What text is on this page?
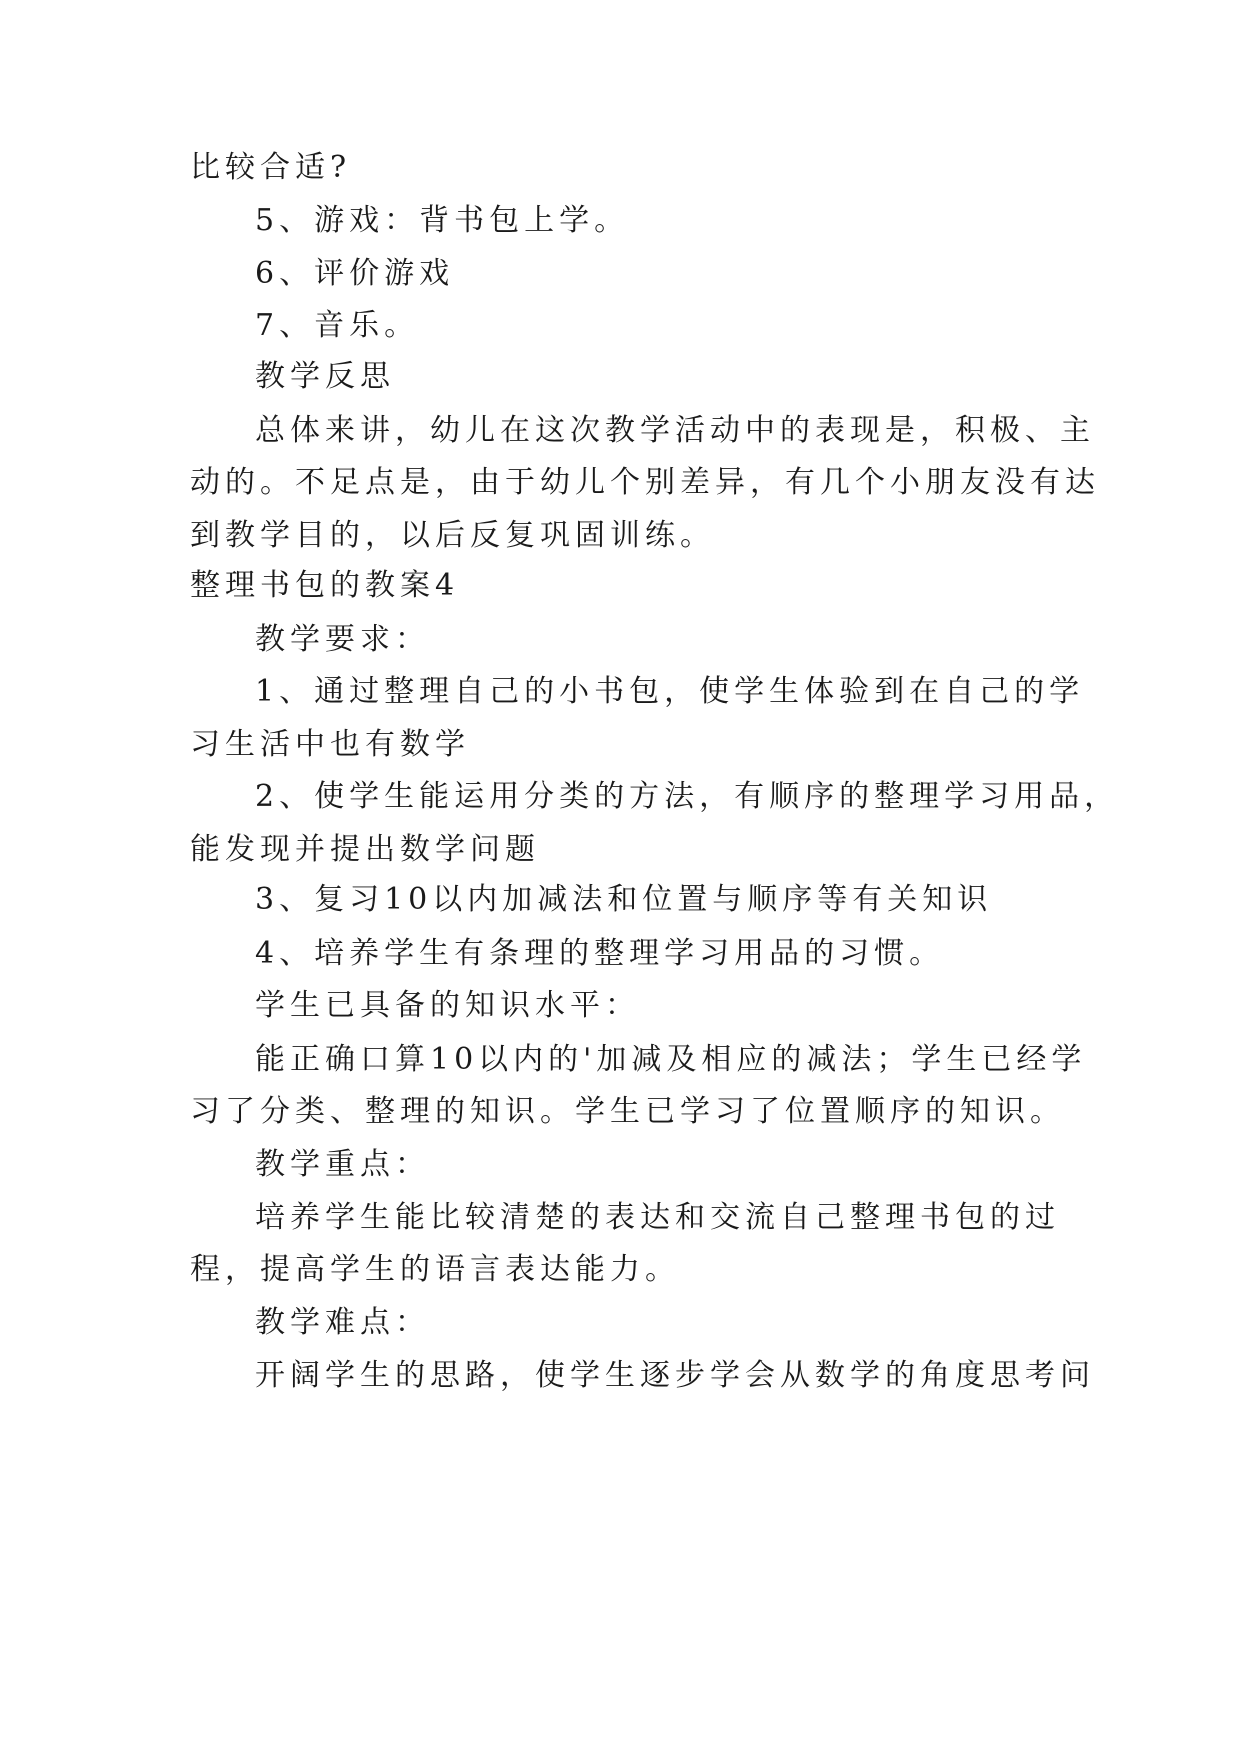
比较合适?
5、游戏：背书包上学。
6、评价游戏
7、音乐。
教学反思
总体来讲，幼儿在这次教学活动中的表现是，积极、主
动的。不足点是，由于幼儿个别差异，有几个小朋友没有达
到教学目的，以后反复巩固训练。
整理书包的教案4
教学要求：
1、通过整理自己的小书包，使学生体验到在自己的学
习生活中也有数学
2、使学生能运用分类的方法，有顺序的整理学习用品，
能发现并提出数学问题
3、复习10以内加减法和位置与顺序等有关知识
4、培养学生有条理的整理学习用品的习惯。
学生已具备的知识水平：
能正确口算10以内的'加减及相应的减法；学生已经学
习了分类、整理的知识。学生已学习了位置顺序的知识。
教学重点：
培养学生能比较清楚的表达和交流自己整理书包的过
程，提高学生的语言表达能力。
教学难点：
开阔学生的思路，使学生逐步学会从数学的角度思考问
